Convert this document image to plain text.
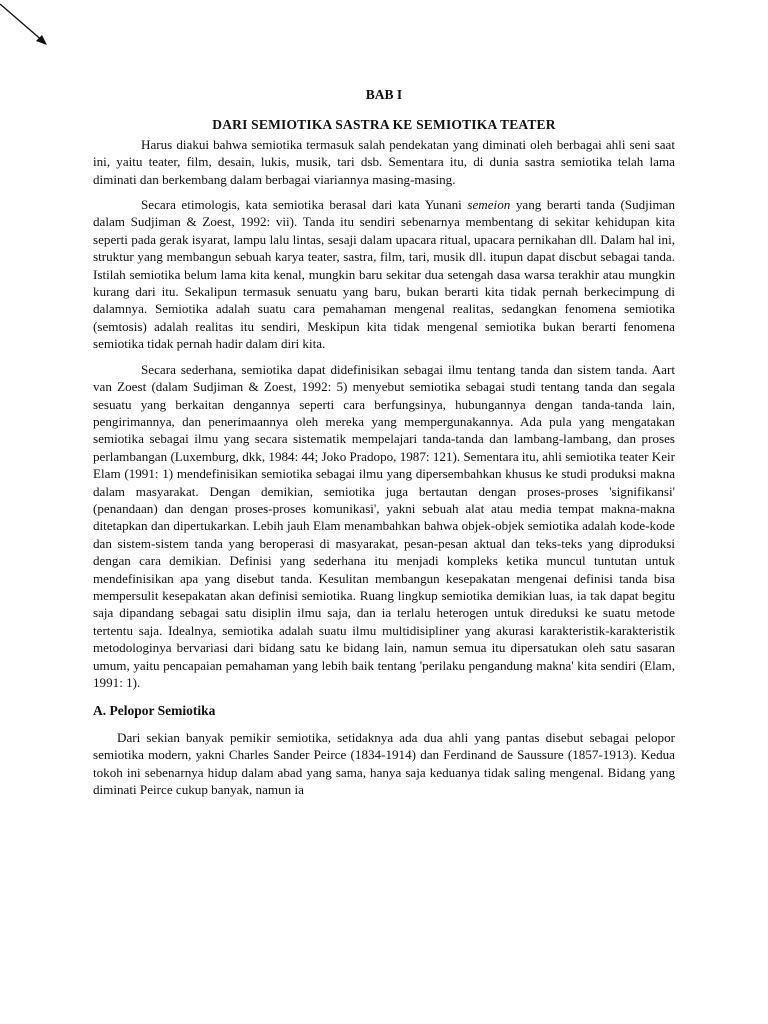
BAB I
DARI SEMIOTIKA SASTRA KE SEMIOTIKA TEATER

Harus diakui bahwa semiotika termasuk salah pendekatan yang diminati oleh berbagai ahli seni saat ini, yaitu teater, film, desain, lukis, musik, tari dsb. Sementara itu, di dunia sastra semiotika telah lama diminati dan berkembang dalam berbagai viariannya masing-masing.

Secara etimologis, kata semiotika berasal dari kata Yunani semeion yang berarti tanda (Sudjiman dalam Sudjiman & Zoest, 1992: vii). Tanda itu sendiri sebenarnya membentang di sekitar kehidupan kita seperti pada gerak isyarat, lampu lalu lintas, sesaji dalam upacara ritual, upacara pernikahan dll. Dalam hal ini, struktur yang membangun sebuah karya teater, sastra, film, tari, musik dll. itupun dapat discbut sebagai tanda. Istilah semiotika belum lama kita kenal, mungkin baru sekitar dua setengah dasa warsa terakhir atau mungkin kurang dari itu. Sekalipun termasuk senuatu yang baru, bukan berarti kita tidak pernah berkecimpung di dalamnya. Semiotika adalah suatu cara pemahaman mengenal realitas, sedangkan fenomena semiotika (semtosis) adalah realitas itu sendiri, Meskipun kita tidak mengenal semiotika bukan berarti fenomena semiotika tidak pernah hadir dalam diri kita.

Secara sederhana, semiotika dapat didefinisikan sebagai ilmu tentang tanda dan sistem tanda. Aart van Zoest (dalam Sudjiman & Zoest, 1992: 5) menyebut semiotika sebagai studi tentang tanda dan segala sesuatu yang berkaitan dengannya seperti cara berfungsinya, hubungannya dengan tanda-tanda lain, pengirimannya, dan penerimaannya oleh mereka yang mempergunakannya. Ada pula yang mengatakan semiotika sebagai ilmu yang secara sistematik mempelajari tanda-tanda dan lambang-lambang, dan proses perlambangan (Luxemburg, dkk, 1984: 44; Joko Pradopo, 1987: 121). Sementara itu, ahli semiotika teater Keir Elam (1991: 1) mendefinisikan semiotika sebagai ilmu yang dipersembahkan khusus ke studi produksi makna dalam masyarakat. Dengan demikian, semiotika juga bertautan dengan proses-proses 'signifikansi' (penandaan) dan dengan proses-proses komunikasi', yakni sebuah alat atau media tempat makna-makna ditetapkan dan dipertukarkan. Lebih jauh Elam menambahkan bahwa objek-objek semiotika adalah kode-kode dan sistem-sistem tanda yang beroperasi di masyarakat, pesan-pesan aktual dan teks-teks yang diproduksi dengan cara demikian. Definisi yang sederhana itu menjadi kompleks ketika muncul tuntutan untuk mendefinisikan apa yang disebut tanda. Kesulitan membangun kesepakatan mengenai definisi tanda bisa mempersulit kesepakatan akan definisi semiotika. Ruang lingkup semiotika demikian luas, ia tak dapat begitu saja dipandang sebagai satu disiplin ilmu saja, dan ia terlalu heterogen untuk direduksi ke suatu metode tertentu saja. Idealnya, semiotika adalah suatu ilmu multidisipliner yang akurasi karakteristik-karakteristik metodologinya bervariasi dari bidang satu ke bidang lain, namun semua itu dipersatukan oleh satu sasaran umum, yaitu pencapaian pemahaman yang lebih baik tentang 'perilaku pengandung makna' kita sendiri (Elam, 1991: 1).

A. Pelopor Semiotika

Dari sekian banyak pemikir semiotika, setidaknya ada dua ahli yang pantas disebut sebagai pelopor semiotika modern, yakni Charles Sander Peirce (1834-1914) dan Ferdinand de Saussure (1857-1913). Kedua tokoh ini sebenarnya hidup dalam abad yang sama, hanya saja keduanya tidak saling mengenal. Bidang yang diminati Peirce cukup banyak, namun ia
